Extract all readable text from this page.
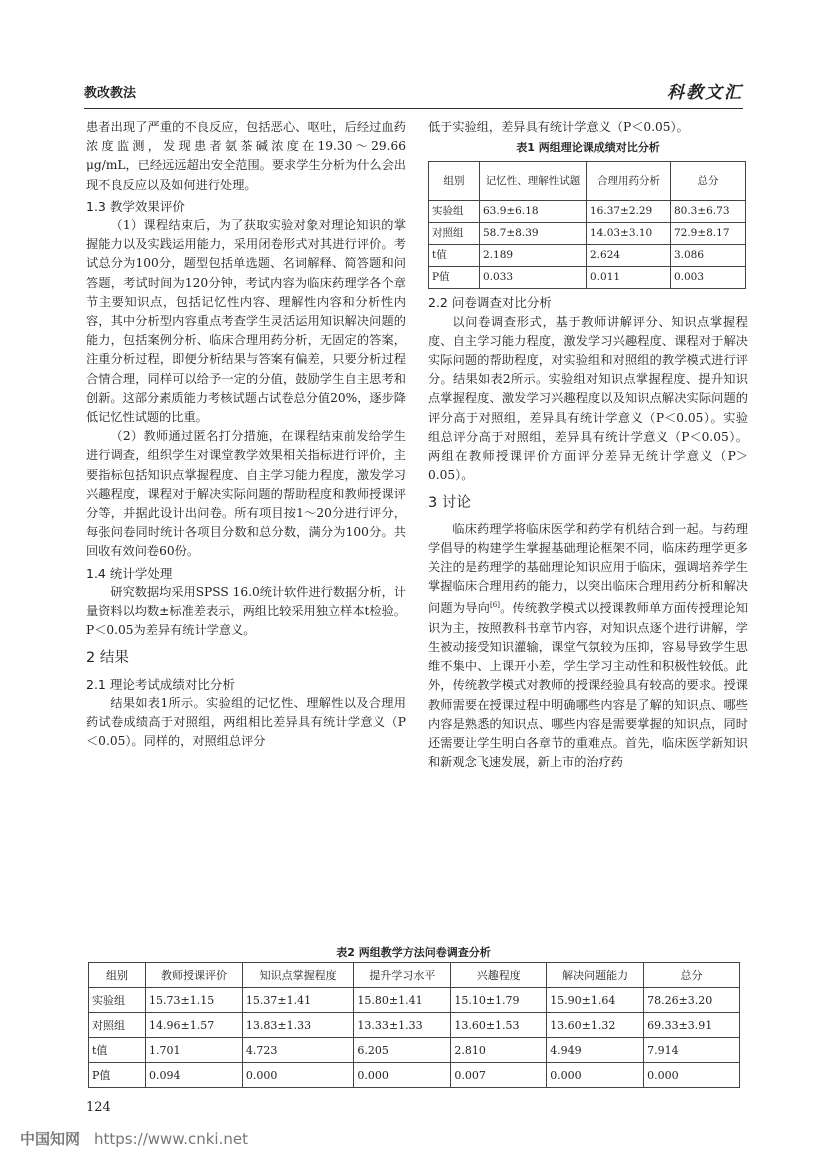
教改教法	科教文汇

患者出现了严重的不良反应，包括恶心、呕吐，后经过血药浓度监测，发现患者氨茶碱浓度在19.30～29.66 μg/mL，已经远远超出安全范围。要求学生分析为什么会出现不良反应以及如何进行处理。

1.3 教学效果评价

（1）课程结束后，为了获取实验对象对理论知识的掌握能力以及实践运用能力，采用闭卷形式对其进行评价。考试总分为100分，题型包括单选题、名词解释、简答题和问答题，考试时间为120分钟，考试内容为临床药理学各个章节主要知识点，包括记忆性内容、理解性内容和分析性内容，其中分析型内容重点考查学生灵活运用知识解决问题的能力，包括案例分析、临床合理用药分析，无固定的答案，注重分析过程，即便分析结果与答案有偏差，只要分析过程合情合理，同样可以给予一定的分值，鼓励学生自主思考和创新。这部分素质能力考核试题占试卷总分值20%，逐步降低记忆性试题的比重。

（2）教师通过匿名打分措施，在课程结束前发给学生进行调查，组织学生对课堂教学效果相关指标进行评价，主要指标包括知识点掌握程度、自主学习能力程度，激发学习兴趣程度，课程对于解决实际问题的帮助程度和教师授课评分等，并据此设计出问卷。所有项目按1～20分进行评分，每张问卷同时统计各项目分数和总分数，满分为100分。共回收有效问卷60份。

1.4 统计学处理

研究数据均采用SPSS 16.0统计软件进行数据分析，计量资料以均数±标准差表示，两组比较采用独立样本t检验。P＜0.05为差异有统计学意义。

2 结果
2.1 理论考试成绩对比分析

结果如表1所示。实验组的记忆性、理解性以及合理用药试卷成绩高于对照组，两组相比差异具有统计学意义（P＜0.05）。同样的，对照组总评分

低于实验组，差异具有统计学意义（P＜0.05）。

表1 两组理论课成绩对比分析
组别	记忆性、理解性试题	合理用药分析	总分
实验组	63.9±6.18	16.37±2.29	80.3±6.73
对照组	58.7±8.39	14.03±3.10	72.9±8.17
t值	2.189	2.624	3.086
P值	0.033	0.011	0.003
2.2 问卷调查对比分析

以问卷调查形式，基于教师讲解评分、知识点掌握程度、自主学习能力程度，激发学习兴趣程度、课程对于解决实际问题的帮助程度，对实验组和对照组的教学模式进行评分。结果如表2所示。实验组对知识点掌握程度、提升知识点掌握程度、激发学习兴趣程度以及知识点解决实际问题的评分高于对照组，差异具有统计学意义（P＜0.05）。实验组总评分高于对照组，差异具有统计学意义（P＜0.05）。两组在教师授课评价方面评分差异无统计学意义（P＞0.05）。

3 讨论

临床药理学将临床医学和药学有机结合到一起。与药理学倡导的构建学生掌握基础理论框架不同，临床药理学更多关注的是药理学的基础理论知识应用于临床，强调培养学生掌握临床合理用药的能力，以突出临床合理用药分析和解决问题为导向[6]。传统教学模式以授课教师单方面传授理论知识为主，按照教科书章节内容，对知识点逐个进行讲解，学生被动接受知识灌输，课堂气氛较为压抑，容易导致学生思维不集中、上课开小差，学生学习主动性和积极性较低。此外，传统教学模式对教师的授课经验具有较高的要求。授课教师需要在授课过程中明确哪些内容是了解的知识点、哪些内容是熟悉的知识点、哪些内容是需要掌握的知识点，同时还需要让学生明白各章节的重难点。首先，临床医学新知识和新观念飞速发展，新上市的治疗药

表2 两组教学方法问卷调查分析
组别	教师授课评价	知识点掌握程度	提升学习水平	兴趣程度	解决问题能力	总分
实验组	15.73±1.15	15.37±1.41	15.80±1.41	15.10±1.79	15.90±1.64	78.26±3.20
对照组	14.96±1.57	13.83±1.33	13.33±1.33	13.60±1.53	13.60±1.32	69.33±3.91
t值	1.701	4.723	6.205	2.810	4.949	7.914
P值	0.094	0.000	0.000	0.007	0.000	0.000
124
中国知网 https://www.cnki.net
